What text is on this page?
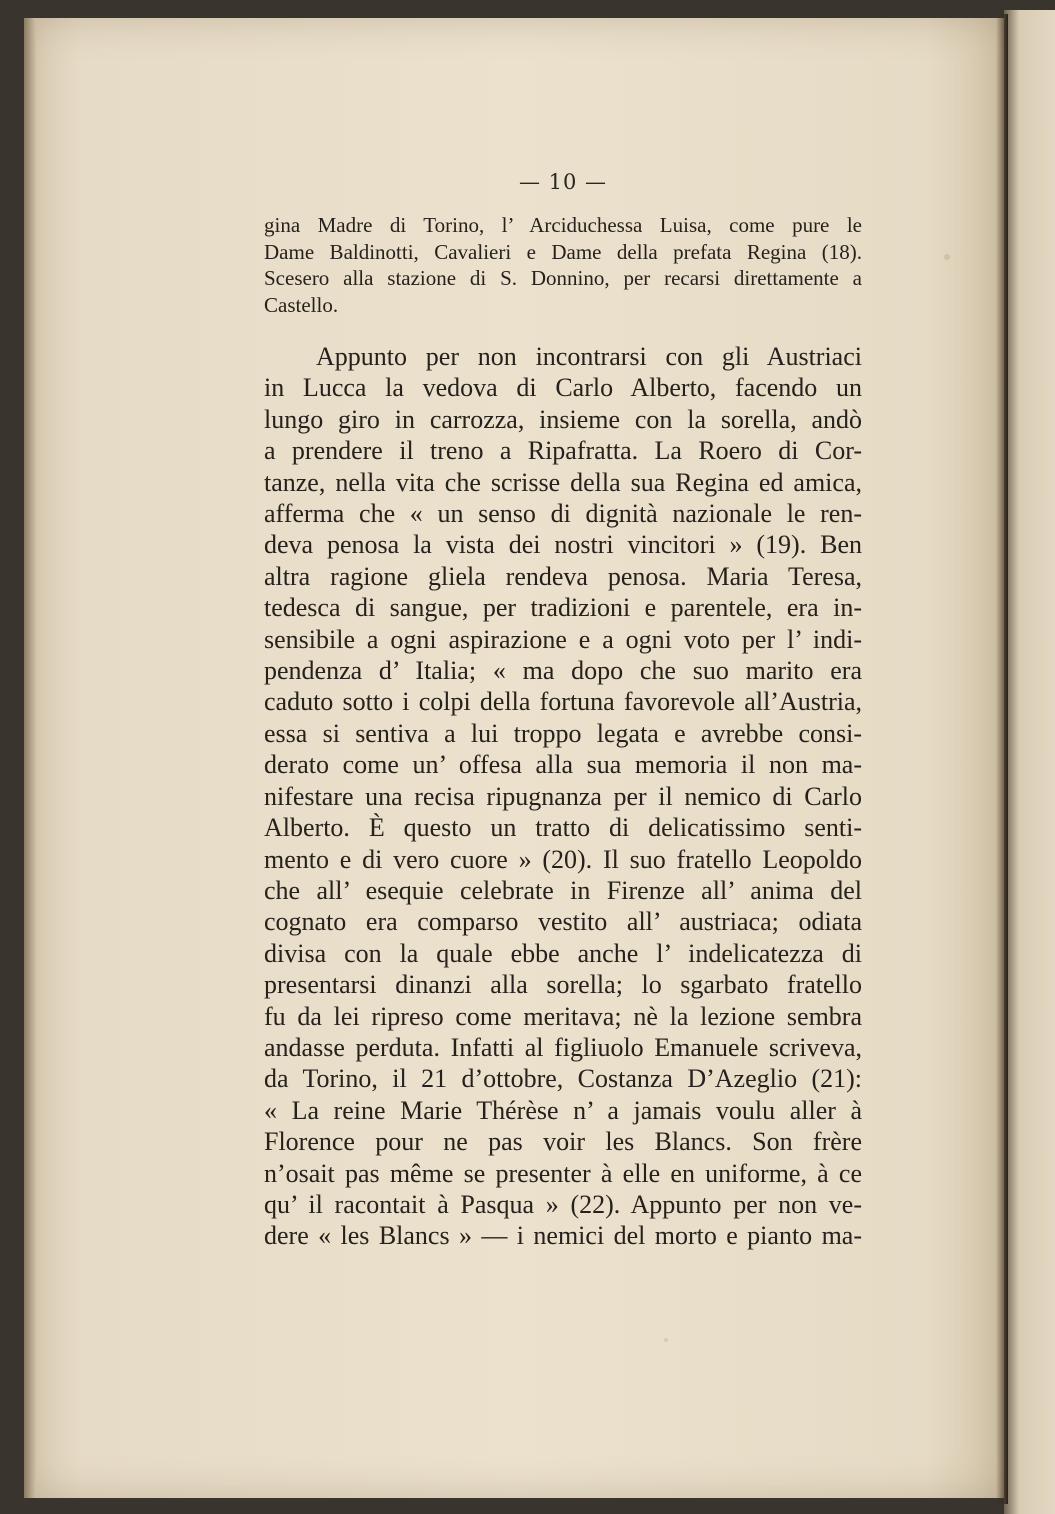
— 10 —
gina Madre di Torino, l’ Arciduchessa Luisa, come pure le
Dame Baldinotti, Cavalieri e Dame della prefata Regina (18).
Scesero alla stazione di S. Donnino, per recarsi direttamente a
Castello.
Appunto per non incontrarsi con gli Austriaci
in Lucca la vedova di Carlo Alberto, facendo un
lungo giro in carrozza, insieme con la sorella, andò
a prendere il treno a Ripafratta. La Roero di Cor-
tanze, nella vita che scrisse della sua Regina ed amica,
afferma che « un senso di dignità nazionale le ren-
deva penosa la vista dei nostri vincitori » (19). Ben
altra ragione gliela rendeva penosa. Maria Teresa,
tedesca di sangue, per tradizioni e parentele, era in-
sensibile a ogni aspirazione e a ogni voto per l’ indi-
pendenza d’ Italia; « ma dopo che suo marito era
caduto sotto i colpi della fortuna favorevole all’Austria,
essa si sentiva a lui troppo legata e avrebbe consi-
derato come un’ offesa alla sua memoria il non ma-
nifestare una recisa ripugnanza per il nemico di Carlo
Alberto. È questo un tratto di delicatissimo senti-
mento e di vero cuore » (20). Il suo fratello Leopoldo
che all’ esequie celebrate in Firenze all’ anima del
cognato era comparso vestito all’ austriaca; odiata
divisa con la quale ebbe anche l’ indelicatezza di
presentarsi dinanzi alla sorella; lo sgarbato fratello
fu da lei ripreso come meritava; nè la lezione sembra
andasse perduta. Infatti al figliuolo Emanuele scriveva,
da Torino, il 21 d’ottobre, Costanza D’Azeglio (21):
« La reine Marie Thérèse n’ a jamais voulu aller à
Florence pour ne pas voir les Blancs. Son frère
n’osait pas même se presenter à elle en uniforme, à ce
qu’ il racontait à Pasqua » (22). Appunto per non ve-
dere « les Blancs » — i nemici del morto e pianto ma-
